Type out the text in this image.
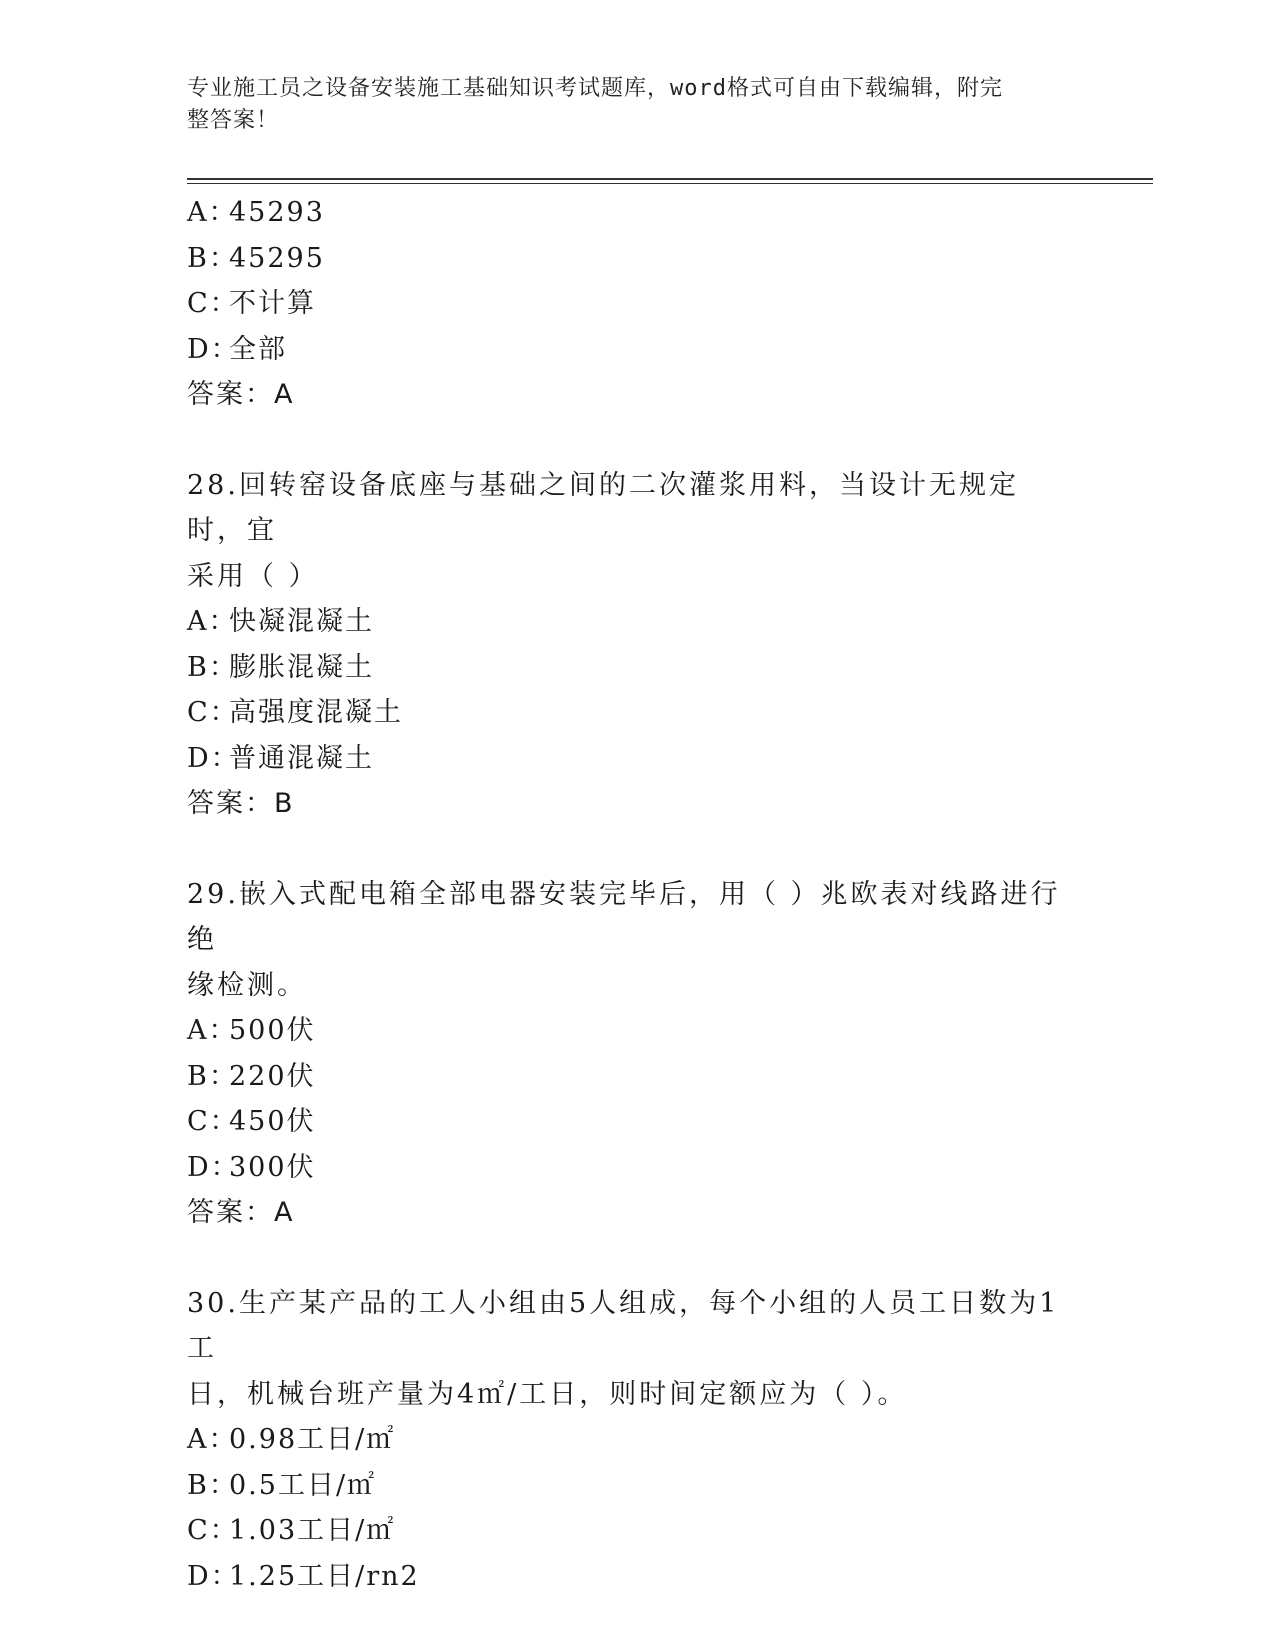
专业施工员之设备安装施工基础知识考试题库，word格式可自由下载编辑，附完
整答案！
A：45293
B：45295
C：不计算
D：全部
答案：A
28.回转窑设备底座与基础之间的二次灌浆用料，当设计无规定时，宜
采用（ ）
A：快凝混凝土
B：膨胀混凝土
C：高强度混凝土
D：普通混凝土
答案：B
29.嵌入式配电箱全部电器安装完毕后，用（ ）兆欧表对线路进行绝
缘检测。
A：500伏
B：220伏
C：450伏
D：300伏
答案：A
30.生产某产品的工人小组由5人组成，每个小组的人员工日数为1工
日，机械台班产量为4㎡/工日，则时间定额应为（ ）。
A：0.98工日/㎡
B：0.5工日/㎡
C：1.03工日/㎡
D：1.25工日/rn2
